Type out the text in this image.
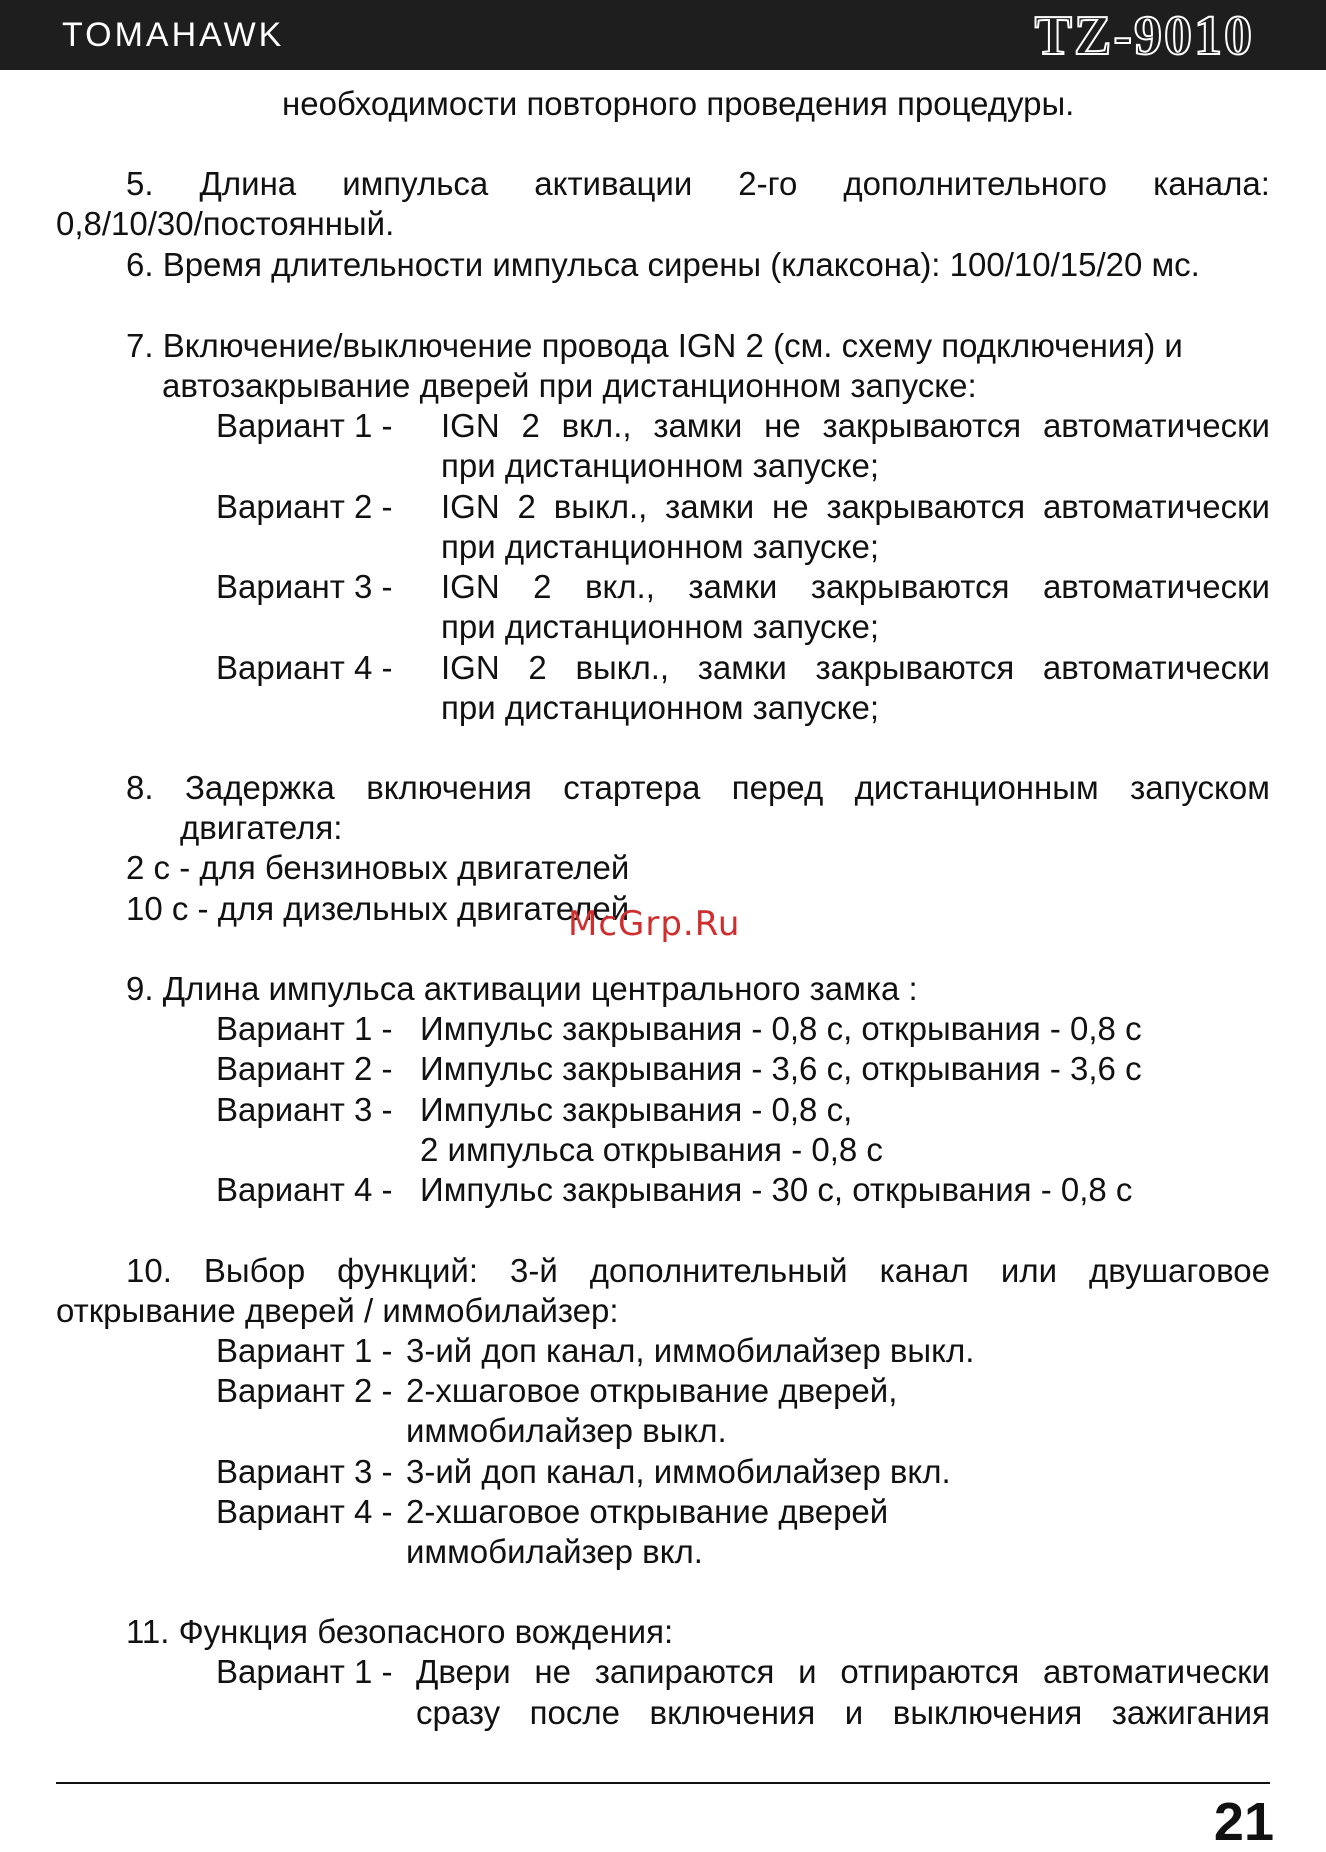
TOMAHAWK	TZ-9010
необходимости повторного проведения процедуры.
5. Длина импульса активации 2-го дополнительного канала:
0,8/10/30/постоянный.
6. Время длительности импульса сирены (клаксона): 100/10/15/20 мс.
7. Включение/выключение провода IGN 2 (см. схему подключения) и
автозакрывание дверей при дистанционном запуске:
Вариант 1 - IGN 2 вкл., замки не закрываются автоматически
при дистанционном запуске;
Вариант 2 - IGN 2 выкл., замки не закрываются автоматически
при дистанционном запуске;
Вариант 3 - IGN 2 вкл., замки закрываются автоматически
при дистанционном запуске;
Вариант 4 - IGN 2 выкл., замки закрываются автоматически
при дистанционном запуске;
8. Задержка включения стартера перед дистанционным запуском
двигателя:
2 с - для бензиновых двигателей
10 с - для дизельных двигателей
McGrp.Ru
9. Длина импульса активации центрального замка :
Вариант 1 - Импульс закрывания - 0,8 с, открывания - 0,8 с
Вариант 2 - Импульс закрывания - 3,6 с, открывания - 3,6 с
Вариант 3 - Импульс закрывания - 0,8 с,
2 импульса открывания - 0,8 с
Вариант 4 - Импульс закрывания - 30 с, открывания - 0,8 с
10. Выбор функций: 3-й дополнительный канал или двушаговое
открывание дверей / иммобилайзер:
Вариант 1 - 3-ий доп канал, иммобилайзер выкл.
Вариант 2 - 2-хшаговое открывание дверей,
иммобилайзер выкл.
Вариант 3 - 3-ий доп канал, иммобилайзер вкл.
Вариант 4 - 2-хшаговое открывание дверей
иммобилайзер вкл.
11. Функция безопасного вождения:
Вариант 1 - Двери не запираются и отпираются автоматически
сразу после включения и выключения зажигания
21
